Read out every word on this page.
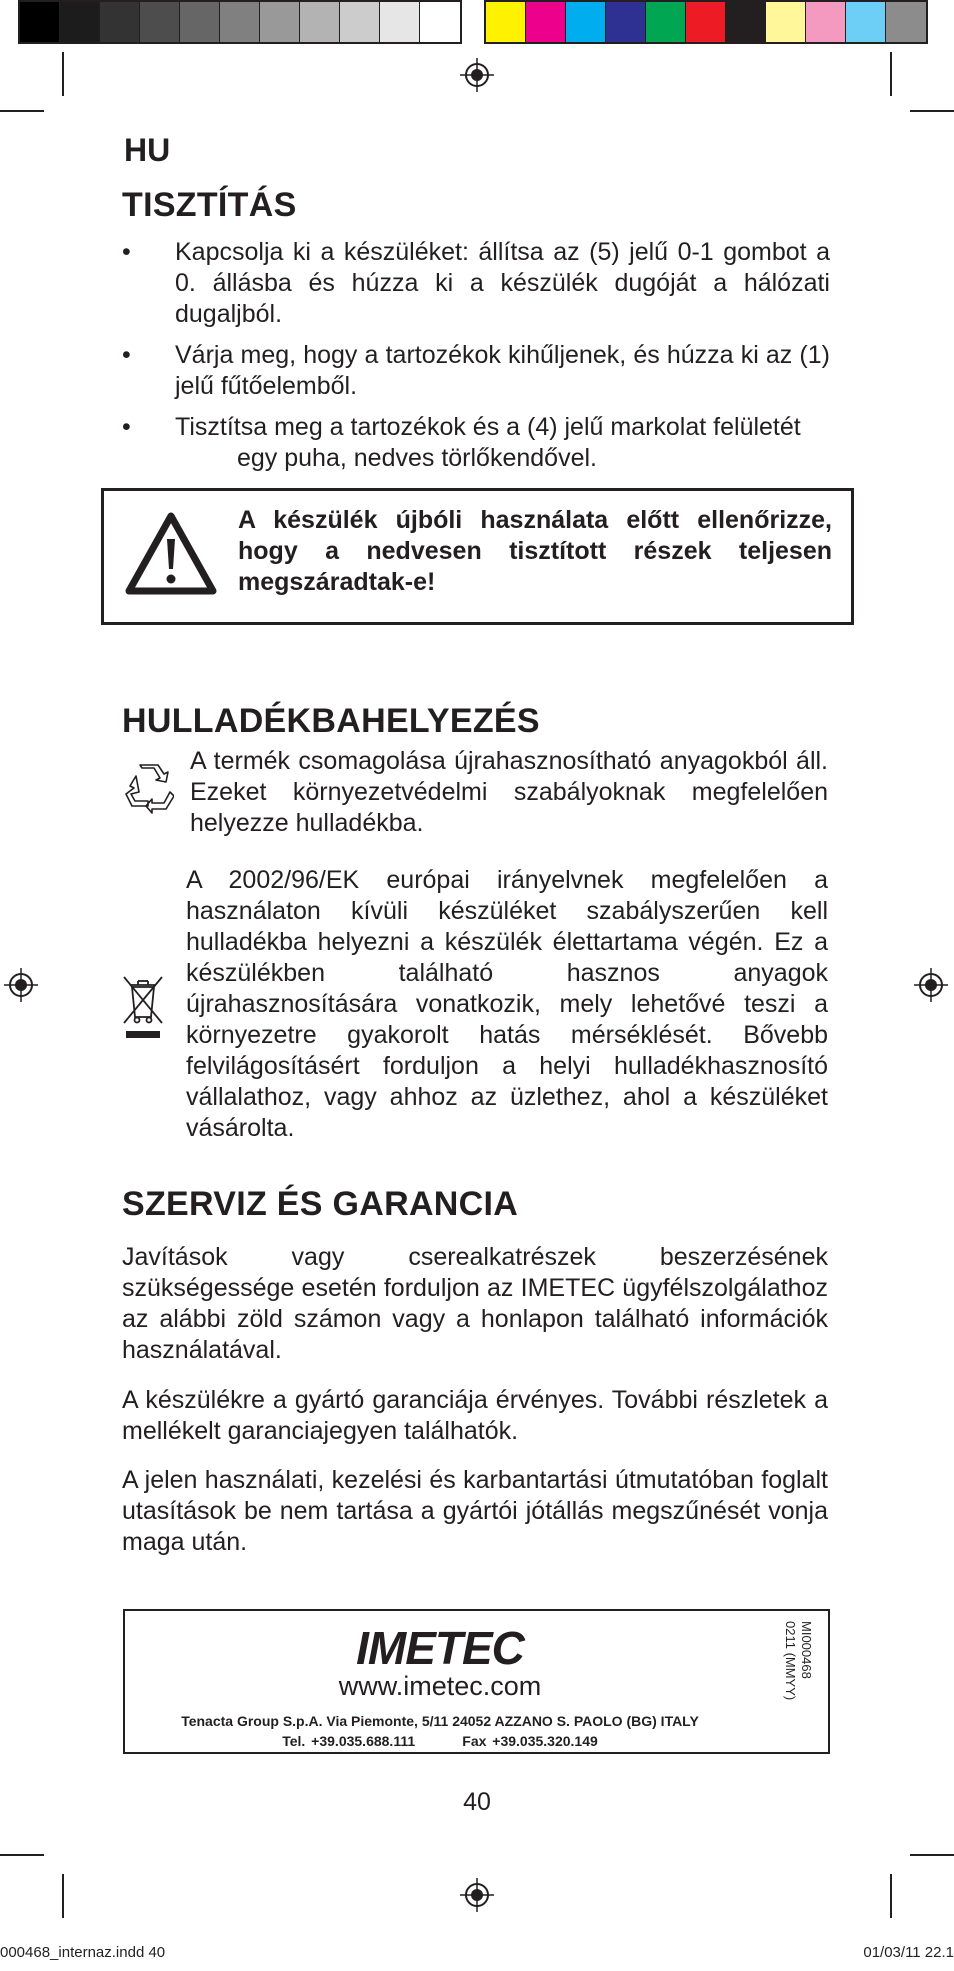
HU
TISZTÍTÁS
• Kapcsolja ki a készüléket: állítsa az (5) jelű 0-1 gombot a 0. állásba és húzza ki a készülék dugóját a hálózati dugaljból.
• Várja meg, hogy a tartozékok kihűljenek, és húzza ki az (1) jelű fűtőelemből.
• Tisztítsa meg a tartozékok és a (4) jelű markolat felületét
egy puha, nedves törlőkendővel.
A készülék újbóli használata előtt ellenőrizze, hogy a nedvesen tisztított részek teljesen megszáradtak-e!
HULLADÉKBAHELYEZÉS
A termék csomagolása újrahasznosítható anyagokból áll. Ezeket környezetvédelmi szabályoknak megfelelően helyezze hulladékba.
A 2002/96/EK európai irányelvnek megfelelően a használaton kívüli készüléket szabályszerűen kell hulladékba helyezni a készülék élettartama végén. Ez a készülékben található hasznos anyagok újrahasznosítására vonatkozik, mely lehetővé teszi a környezetre gyakorolt hatás mérséklését. Bővebb felvilágosításért forduljon a helyi hulladékhasznosító vállalathoz, vagy ahhoz az üzlethez, ahol a készüléket vásárolta.
SZERVIZ ÉS GARANCIA
Javítások vagy cserealkatrészek beszerzésének szükségessége esetén forduljon az IMETEC ügyfélszolgálathoz az alábbi zöld számon vagy a honlapon található információk használatával.
A készülékre a gyártó garanciája érvényes. További részletek a mellékelt garanciajegyen találhatók.
A jelen használati, kezelési és karbantartási útmutatóban foglalt utasítások be nem tartása a gyártói jótállás megszűnését vonja maga után.
IMETEC
www.imetec.com
Tenacta Group S.p.A. Via Piemonte, 5/11 24052 AZZANO S. PAOLO (BG) ITALY
Tel. +39.035.688.111	Fax +39.035.320.149
MI000468
0211 (MMYY)
40
000468_internaz.indd 40	01/03/11 22.1
